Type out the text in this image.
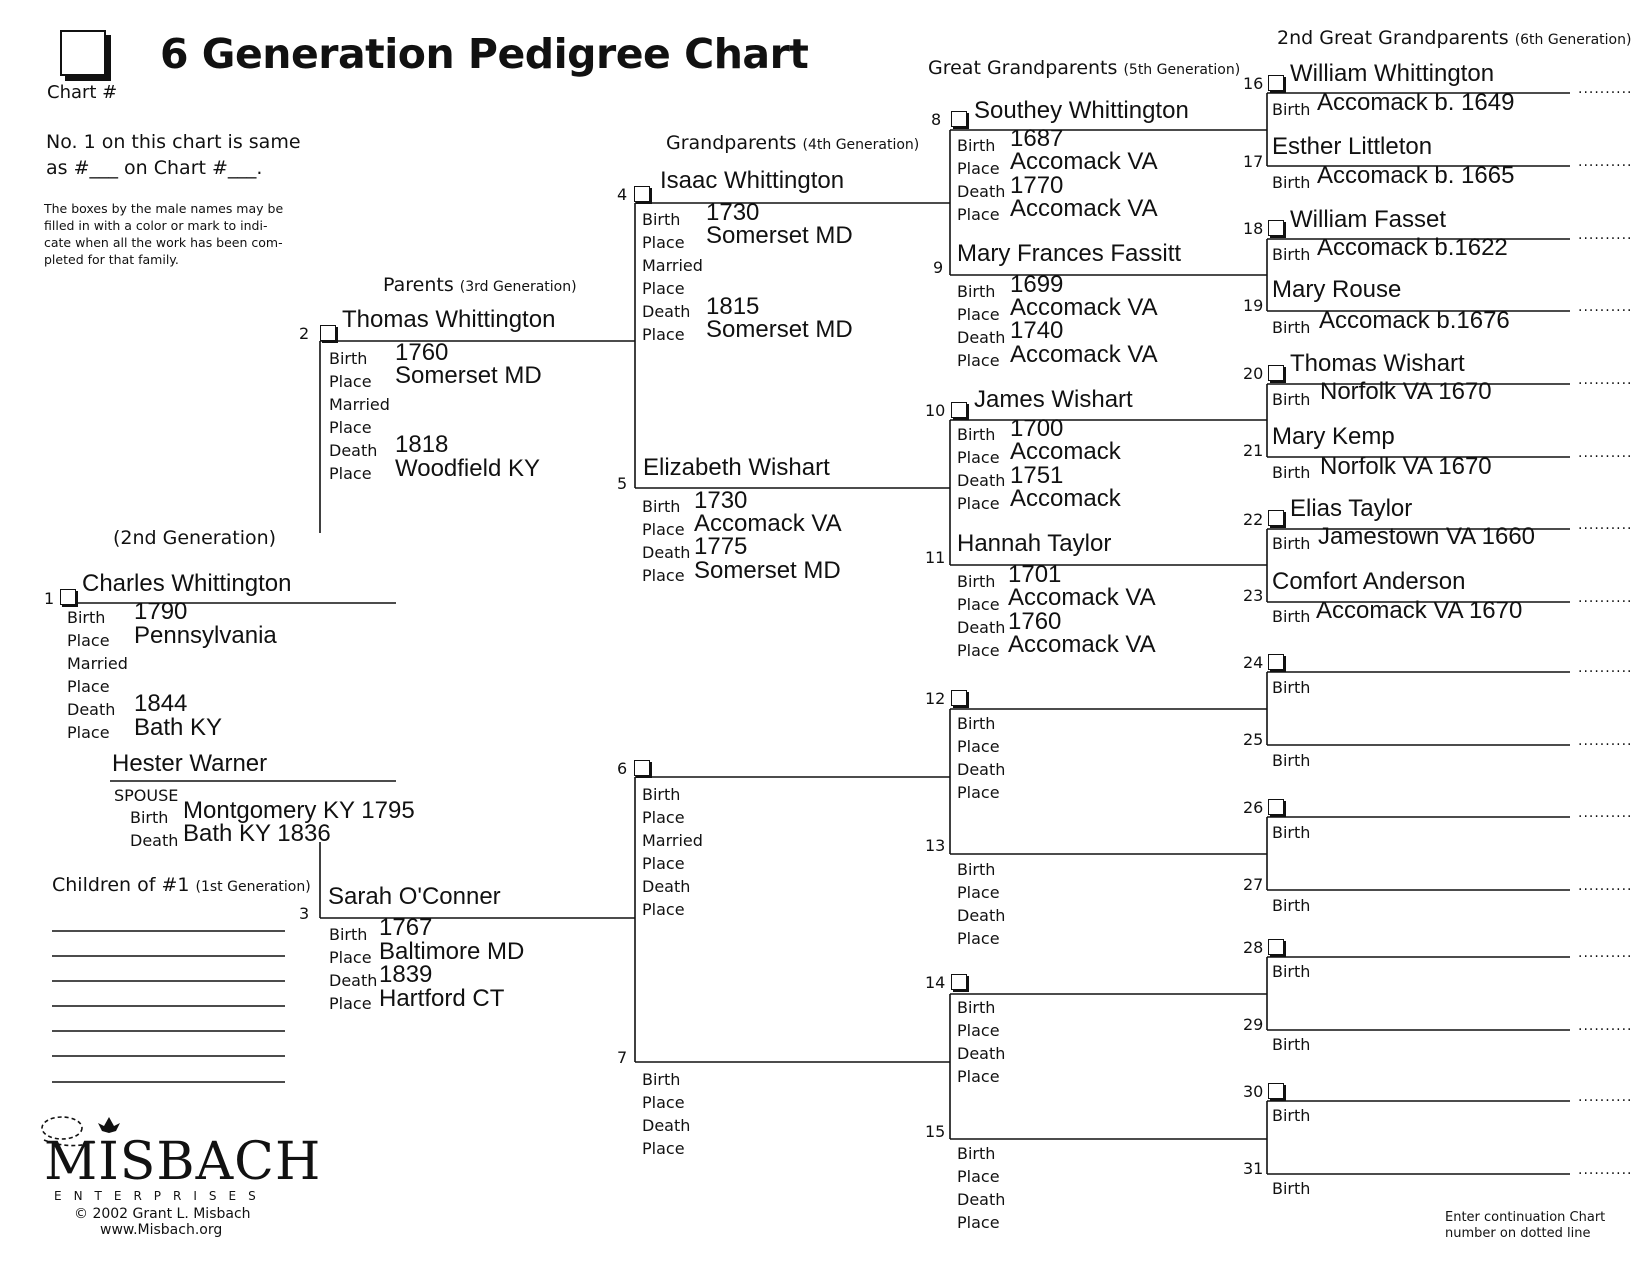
Chart #
6 Generation Pedigree Chart
No. 1 on this chart is same
as #___ on Chart #___.
The boxes by the male names may be
filled in with a color or mark to indi-
cate when all the work has been com-
pleted for that family.
(2nd Generation)
Parents (3rd Generation)
Grandparents (4th Generation)
Great Grandparents (5th Generation)
2nd Great Grandparents (6th Generation)
1
Charles Whittington
Birth
Place
Married
Place
Death
Place
1790
Pennsylvania
1844
Bath KY
Hester Warner
SPOUSE
Birth
Death
Montgomery KY 1795
Bath KY 1836
Children of #1 (1st Generation)
2
Thomas Whittington
Birth
Place
Married
Place
Death
Place
1760
Somerset MD
1818
Woodfield KY
3
Sarah O'Conner
Birth
Place
Death
Place
1767
Baltimore MD
1839
Hartford CT
4
Isaac Whittington
Birth
Place
Married
Place
Death
Place
1730
Somerset MD
1815
Somerset MD
5
Elizabeth Wishart
Birth
Place
Death
Place
1730
Accomack VA
1775
Somerset MD
6
Birth
Place
Married
Place
Death
Place
7
Birth
Place
Death
Place
8 Southey Whittington
Birth
Place
Death
Place
1687
Accomack VA
1770
Accomack VA
9
Mary Frances Fassitt
Birth
Place
Death
Place
1699
Accomack VA
1740
Accomack VA
10 James Wishart
Birth
Place
Death
Place
1700
Accomack
1751
Accomack
11
Hannah Taylor
Birth
Place
Death
Place
1701
Accomack VA
1760
Accomack VA
12
Birth
Place
Death
Place
13
Birth
Place
Death
Place
14
Birth
Place
Death
Place
15
Birth
Place
Death
Place
16 William Whittington
Birth Accomack b. 1649
17
Esther Littleton
Birth Accomack b. 1665
18 William Fasset
Birth Accomack b.1622
19
Mary Rouse
Birth Accomack b.1676
20 Thomas Wishart
Birth Norfolk VA 1670
21
Mary Kemp
Birth Norfolk VA 1670
22 Elias Taylor
Birth Jamestown VA 1660
23
Comfort Anderson
Birth Accomack VA 1670
24
Birth
25
Birth
26
Birth
27
Birth
28
Birth
29
Birth
30
Birth
31
Birth
..........
..........
..........
..........
..........
..........
..........
..........
..........
..........
..........
..........
..........
..........
..........
..........
MISBACH
ENTERPRISES
© 2002 Grant L. Misbach
www.Misbach.org
Enter continuation Chart
number on dotted line
